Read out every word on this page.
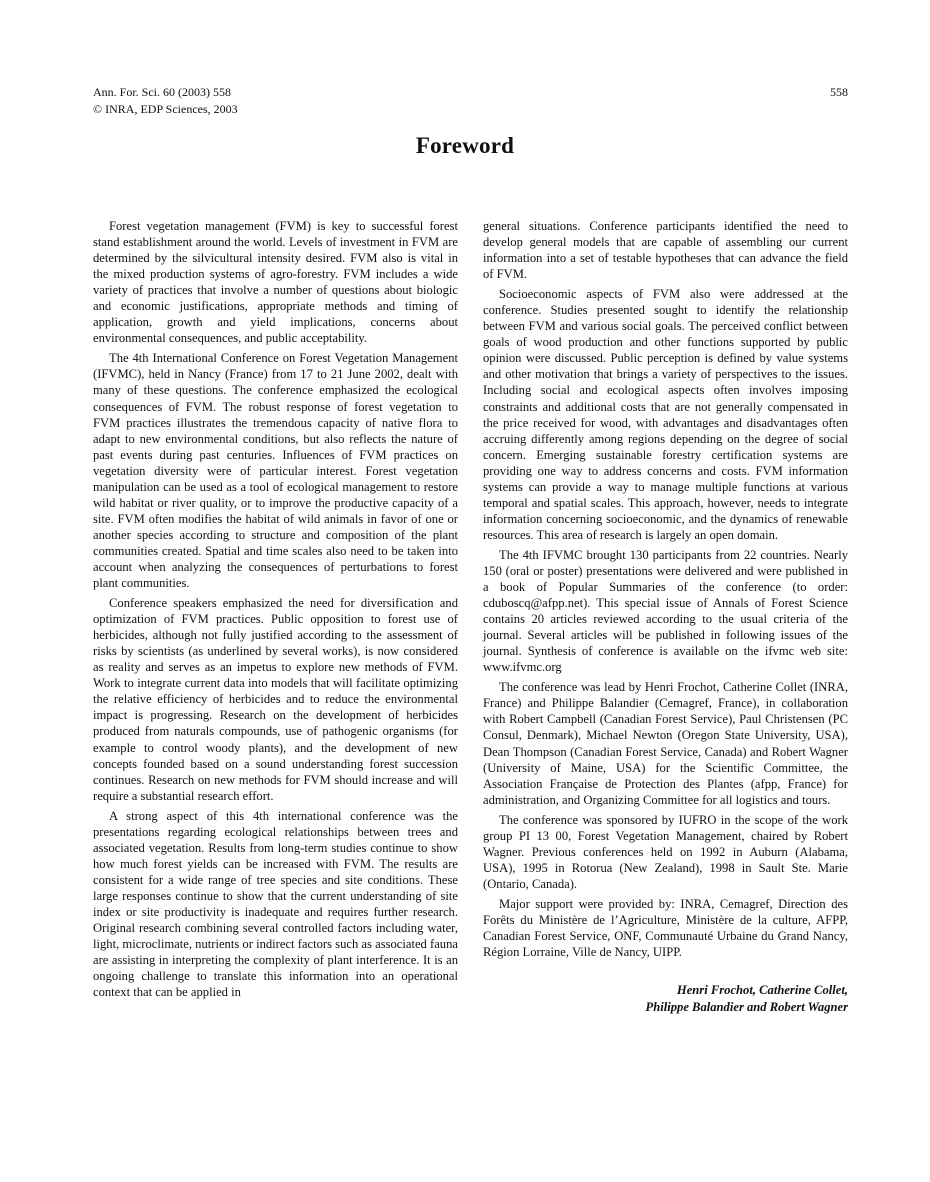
Ann. For. Sci. 60 (2003) 558
© INRA, EDP Sciences, 2003
558
Foreword

Forest vegetation management (FVM) is key to successful forest stand establishment around the world. Levels of investment in FVM are determined by the silvicultural intensity desired. FVM also is vital in the mixed production systems of agro-forestry. FVM includes a wide variety of practices that involve a number of questions about biologic and economic justifications, appropriate methods and timing of application, growth and yield implications, concerns about environmental consequences, and public acceptability.

The 4th International Conference on Forest Vegetation Management (IFVMC), held in Nancy (France) from 17 to 21 June 2002, dealt with many of these questions. The conference emphasized the ecological consequences of FVM. The robust response of forest vegetation to FVM practices illustrates the tremendous capacity of native flora to adapt to new environmental conditions, but also reflects the nature of past events during past centuries. Influences of FVM practices on vegetation diversity were of particular interest. Forest vegetation manipulation can be used as a tool of ecological management to restore wild habitat or river quality, or to improve the productive capacity of a site. FVM often modifies the habitat of wild animals in favor of one or another species according to structure and composition of the plant communities created. Spatial and time scales also need to be taken into account when analyzing the consequences of perturbations to forest plant communities.

Conference speakers emphasized the need for diversification and optimization of FVM practices. Public opposition to forest use of herbicides, although not fully justified according to the assessment of risks by scientists (as underlined by several works), is now considered as reality and serves as an impetus to explore new methods of FVM. Work to integrate current data into models that will facilitate optimizing the relative efficiency of herbicides and to reduce the environmental impact is progressing. Research on the development of herbicides produced from naturals compounds, use of pathogenic organisms (for example to control woody plants), and the development of new concepts founded based on a sound understanding forest succession continues. Research on new methods for FVM should increase and will require a substantial research effort.

A strong aspect of this 4th international conference was the presentations regarding ecological relationships between trees and associated vegetation. Results from long-term studies continue to show how much forest yields can be increased with FVM. The results are consistent for a wide range of tree species and site conditions. These large responses continue to show that the current understanding of site index or site productivity is inadequate and requires further research. Original research combining several controlled factors including water, light, microclimate, nutrients or indirect factors such as associated fauna are assisting in interpreting the complexity of plant interference. It is an ongoing challenge to translate this information into an operational context that can be applied in

general situations. Conference participants identified the need to develop general models that are capable of assembling our current information into a set of testable hypotheses that can advance the field of FVM.

Socioeconomic aspects of FVM also were addressed at the conference. Studies presented sought to identify the relationship between FVM and various social goals. The perceived conflict between goals of wood production and other functions supported by public opinion were discussed. Public perception is defined by value systems and other motivation that brings a variety of perspectives to the issues. Including social and ecological aspects often involves imposing constraints and additional costs that are not generally compensated in the price received for wood, with advantages and disadvantages often accruing differently among regions depending on the degree of social concern. Emerging sustainable forestry certification systems are providing one way to address concerns and costs. FVM information systems can provide a way to manage multiple functions at various temporal and spatial scales. This approach, however, needs to integrate information concerning socioeconomic, and the dynamics of renewable resources. This area of research is largely an open domain.

The 4th IFVMC brought 130 participants from 22 countries. Nearly 150 (oral or poster) presentations were delivered and were published in a book of Popular Summaries of the conference (to order: cduboscq@afpp.net). This special issue of Annals of Forest Science contains 20 articles reviewed according to the usual criteria of the journal. Several articles will be published in following issues of the journal. Synthesis of conference is available on the ifvmc web site: www.ifvmc.org

The conference was lead by Henri Frochot, Catherine Collet (INRA, France) and Philippe Balandier (Cemagref, France), in collaboration with Robert Campbell (Canadian Forest Service), Paul Christensen (PC Consul, Denmark), Michael Newton (Oregon State University, USA), Dean Thompson (Canadian Forest Service, Canada) and Robert Wagner (University of Maine, USA) for the Scientific Committee, the Association Française de Protection des Plantes (afpp, France) for administration, and Organizing Committee for all logistics and tours.

The conference was sponsored by IUFRO in the scope of the work group PI 13 00, Forest Vegetation Management, chaired by Robert Wagner. Previous conferences held on 1992 in Auburn (Alabama, USA), 1995 in Rotorua (New Zealand), 1998 in Sault Ste. Marie (Ontario, Canada).

Major support were provided by: INRA, Cemagref, Direction des Forêts du Ministère de l’Agriculture, Ministère de la culture, AFPP, Canadian Forest Service, ONF, Communauté Urbaine du Grand Nancy, Région Lorraine, Ville de Nancy, UIPP.

Henri Frochot, Catherine Collet,
Philippe Balandier and Robert Wagner
